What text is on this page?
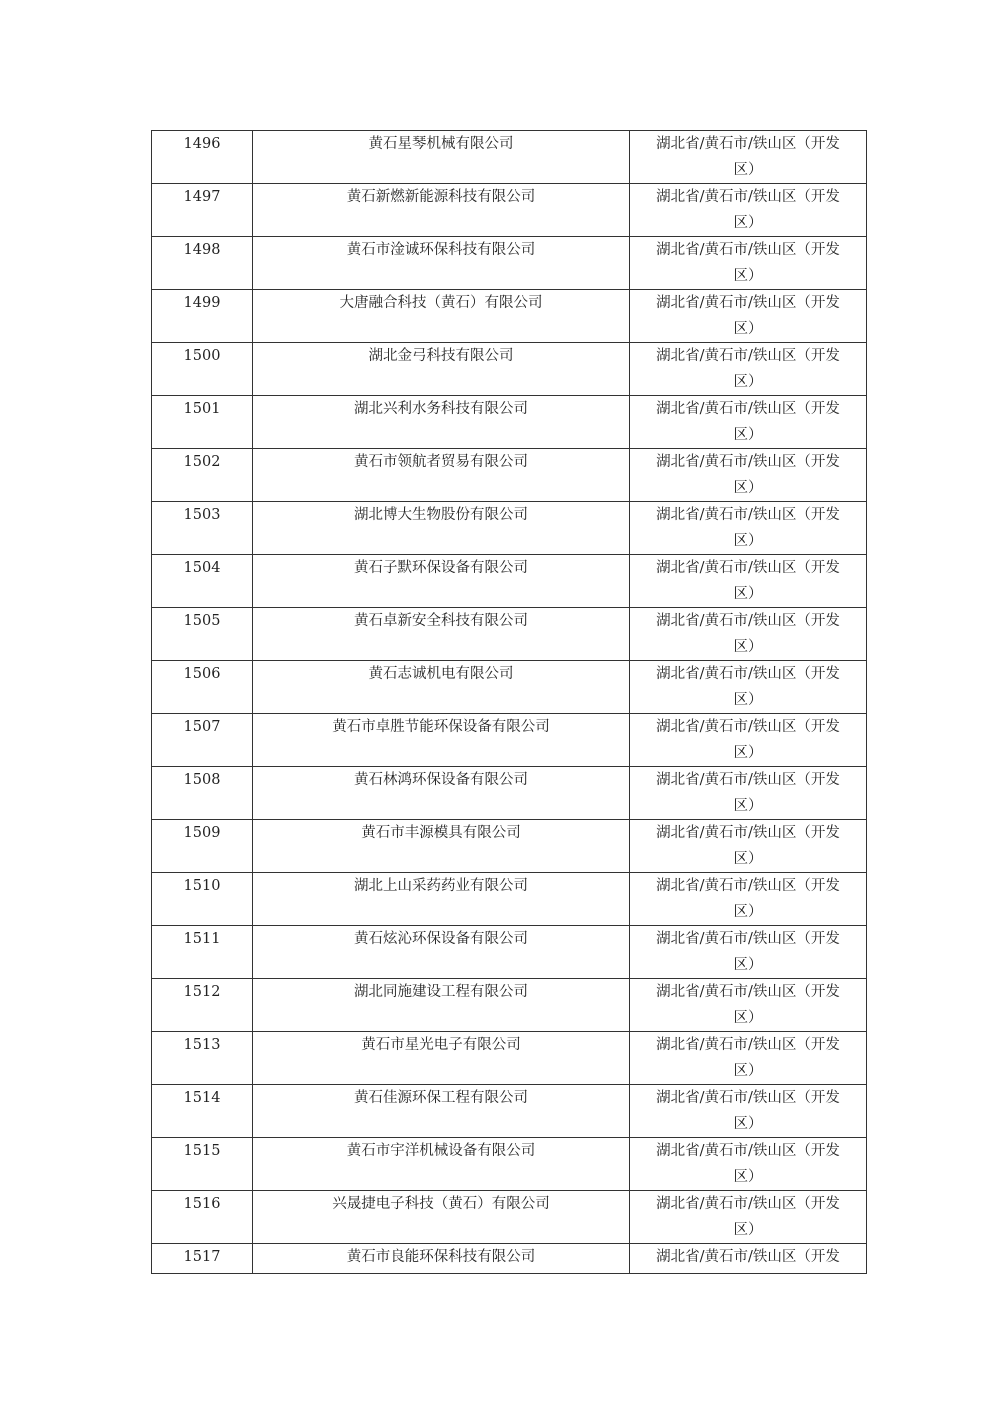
1496	黄石星琴机械有限公司	湖北省/黄石市/铁山区（开发区）

1497	黄石新燃新能源科技有限公司	湖北省/黄石市/铁山区（开发区）

1498	黄石市淦诚环保科技有限公司	湖北省/黄石市/铁山区（开发区）

1499	大唐融合科技（黄石）有限公司	湖北省/黄石市/铁山区（开发区）

1500	湖北金弓科技有限公司	湖北省/黄石市/铁山区（开发区）

1501	湖北兴利水务科技有限公司	湖北省/黄石市/铁山区（开发区）

1502	黄石市领航者贸易有限公司	湖北省/黄石市/铁山区（开发区）

1503	湖北博大生物股份有限公司	湖北省/黄石市/铁山区（开发区）

1504	黄石子默环保设备有限公司	湖北省/黄石市/铁山区（开发区）

1505	黄石卓新安全科技有限公司	湖北省/黄石市/铁山区（开发区）

1506	黄石志诚机电有限公司	湖北省/黄石市/铁山区（开发区）

1507	黄石市卓胜节能环保设备有限公司	湖北省/黄石市/铁山区（开发区）

1508	黄石林鸿环保设备有限公司	湖北省/黄石市/铁山区（开发区）

1509	黄石市丰源模具有限公司	湖北省/黄石市/铁山区（开发区）

1510	湖北上山采药药业有限公司	湖北省/黄石市/铁山区（开发区）

1511	黄石炫沁环保设备有限公司	湖北省/黄石市/铁山区（开发区）

1512	湖北同施建设工程有限公司	湖北省/黄石市/铁山区（开发区）

1513	黄石市星光电子有限公司	湖北省/黄石市/铁山区（开发区）

1514	黄石佳源环保工程有限公司	湖北省/黄石市/铁山区（开发区）

1515	黄石市宇洋机械设备有限公司	湖北省/黄石市/铁山区（开发区）

1516	兴晟捷电子科技（黄石）有限公司	湖北省/黄石市/铁山区（开发区）

1517	黄石市良能环保科技有限公司	湖北省/黄石市/铁山区（开发
